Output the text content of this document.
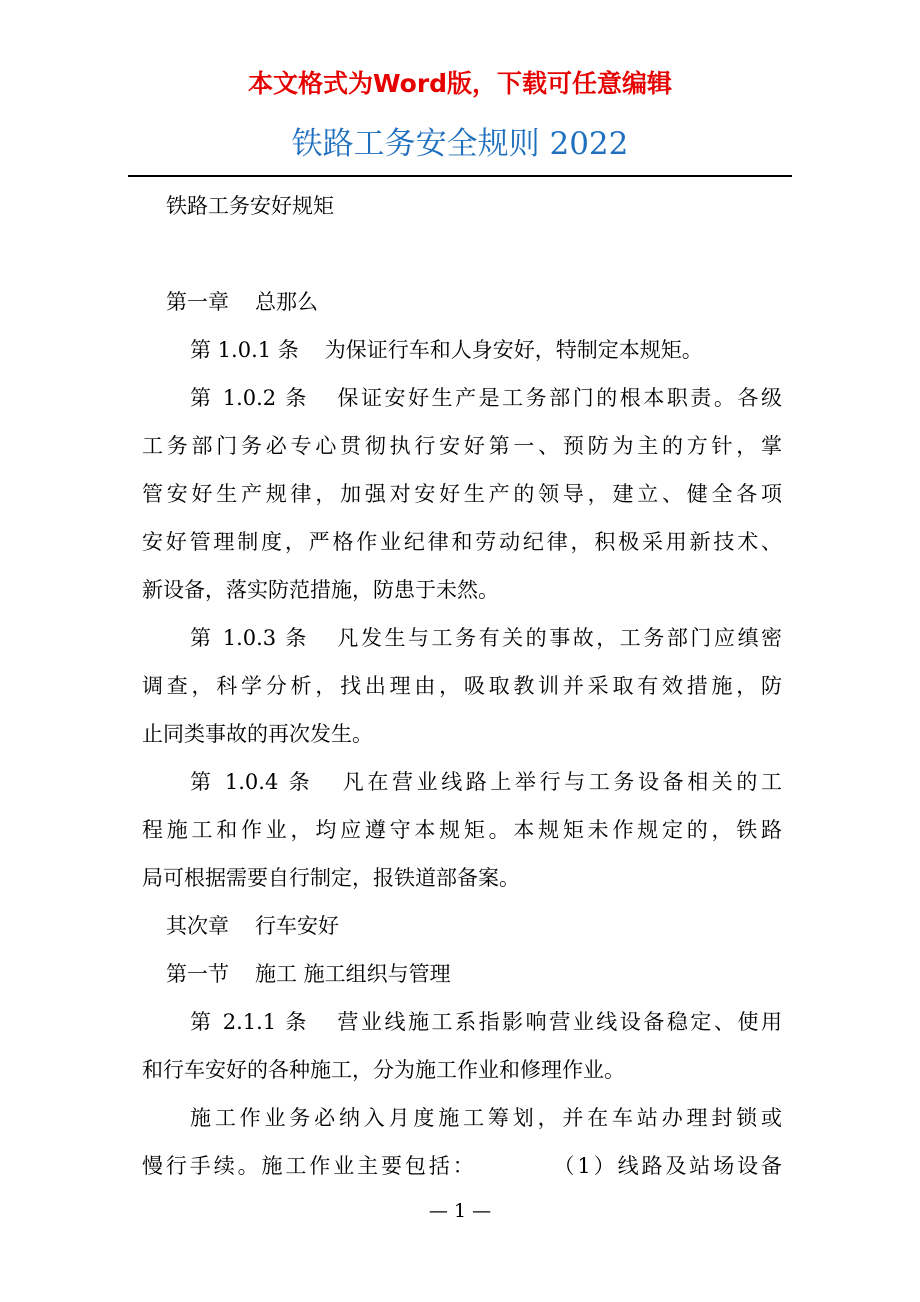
本文格式为Word版，下载可任意编辑
铁路工务安全规则 2022
铁路工务安好规矩
第一章 总那么
第 1.0.1 条 为保证行车和人身安好，特制定本规矩。
第 1.0.2 条 保证安好生产是工务部门的根本职责。各级
工务部门务必专心贯彻执行安好第一、预防为主的方针，掌
管安好生产规律，加强对安好生产的领导，建立、健全各项
安好管理制度，严格作业纪律和劳动纪律，积极采用新技术、
新设备，落实防范措施，防患于未然。
第 1.0.3 条 凡发生与工务有关的事故，工务部门应缜密
调查，科学分析，找出理由，吸取教训并采取有效措施，防
止同类事故的再次发生。
第 1.0.4 条 凡在营业线路上举行与工务设备相关的工
程施工和作业，均应遵守本规矩。本规矩未作规定的，铁路
局可根据需要自行制定，报铁道部备案。
其次章 行车安好
第一节 施工 施工组织与管理
第 2.1.1 条 营业线施工系指影响营业线设备稳定、使用
和行车安好的各种施工，分为施工作业和修理作业。
施工作业务必纳入月度施工筹划，并在车站办理封锁或
慢行手续。施工作业主要包括：	（1）线路及站场设备
— 1 —
